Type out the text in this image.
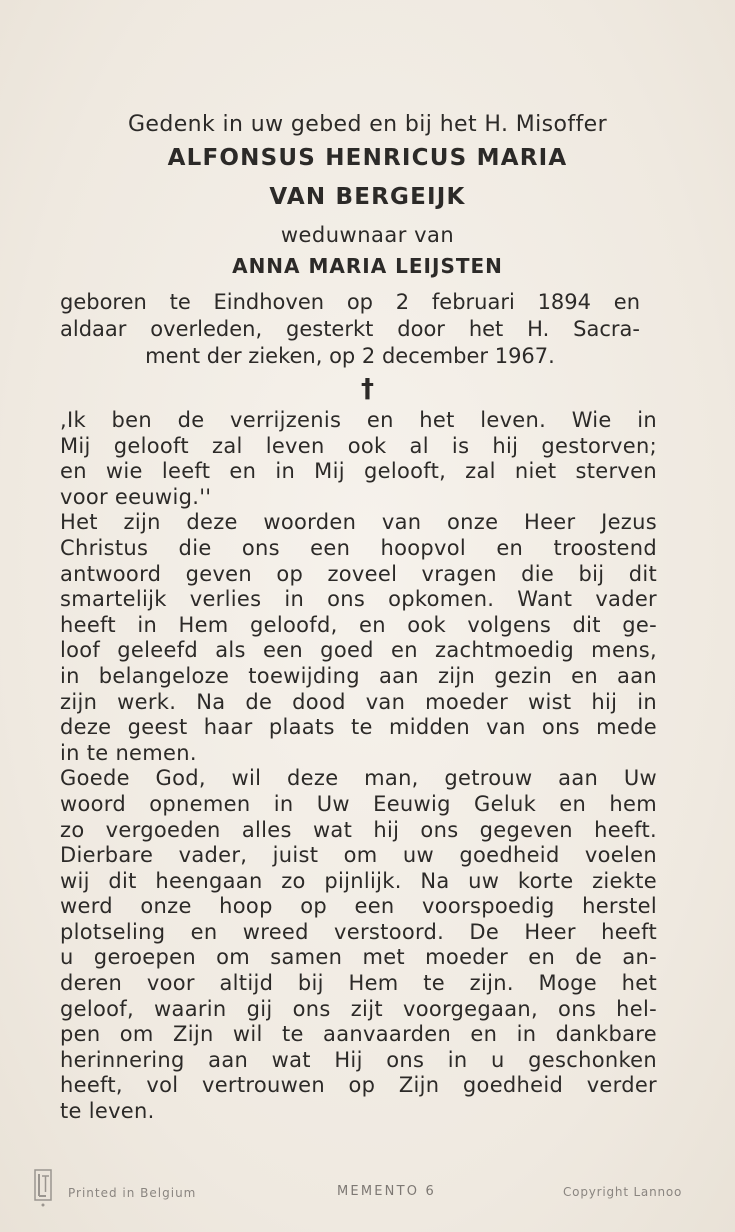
Gedenk in uw gebed en bij het H. Misoffer
ALFONSUS HENRICUS MARIA
VAN BERGEIJK
weduwnaar van
ANNA MARIA LEIJSTEN
geboren te Eindhoven op 2 februari 1894 en
aldaar overleden, gesterkt door het H. Sacra-
ment der zieken, op 2 december 1967.
†
,Ik ben de verrijzenis en het leven. Wie in
Mij gelooft zal leven ook al is hij gestorven;
en wie leeft en in Mij gelooft, zal niet sterven
voor eeuwig.''
Het zijn deze woorden van onze Heer Jezus
Christus die ons een hoopvol en troostend
antwoord geven op zoveel vragen die bij dit
smartelijk verlies in ons opkomen. Want vader
heeft in Hem geloofd, en ook volgens dit ge-
loof geleefd als een goed en zachtmoedig mens,
in belangeloze toewijding aan zijn gezin en aan
zijn werk. Na de dood van moeder wist hij in
deze geest haar plaats te midden van ons mede
in te nemen.
Goede God, wil deze man, getrouw aan Uw
woord opnemen in Uw Eeuwig Geluk en hem
zo vergoeden alles wat hij ons gegeven heeft.
Dierbare vader, juist om uw goedheid voelen
wij dit heengaan zo pijnlijk. Na uw korte ziekte
werd onze hoop op een voorspoedig herstel
plotseling en wreed verstoord. De Heer heeft
u geroepen om samen met moeder en de an-
deren voor altijd bij Hem te zijn. Moge het
geloof, waarin gij ons zijt voorgegaan, ons hel-
pen om Zijn wil te aanvaarden en in dankbare
herinnering aan wat Hij ons in u geschonken
heeft, vol vertrouwen op Zijn goedheid verder
te leven.
Printed in Belgium	MEMENTO 6	Copyright Lannoo
